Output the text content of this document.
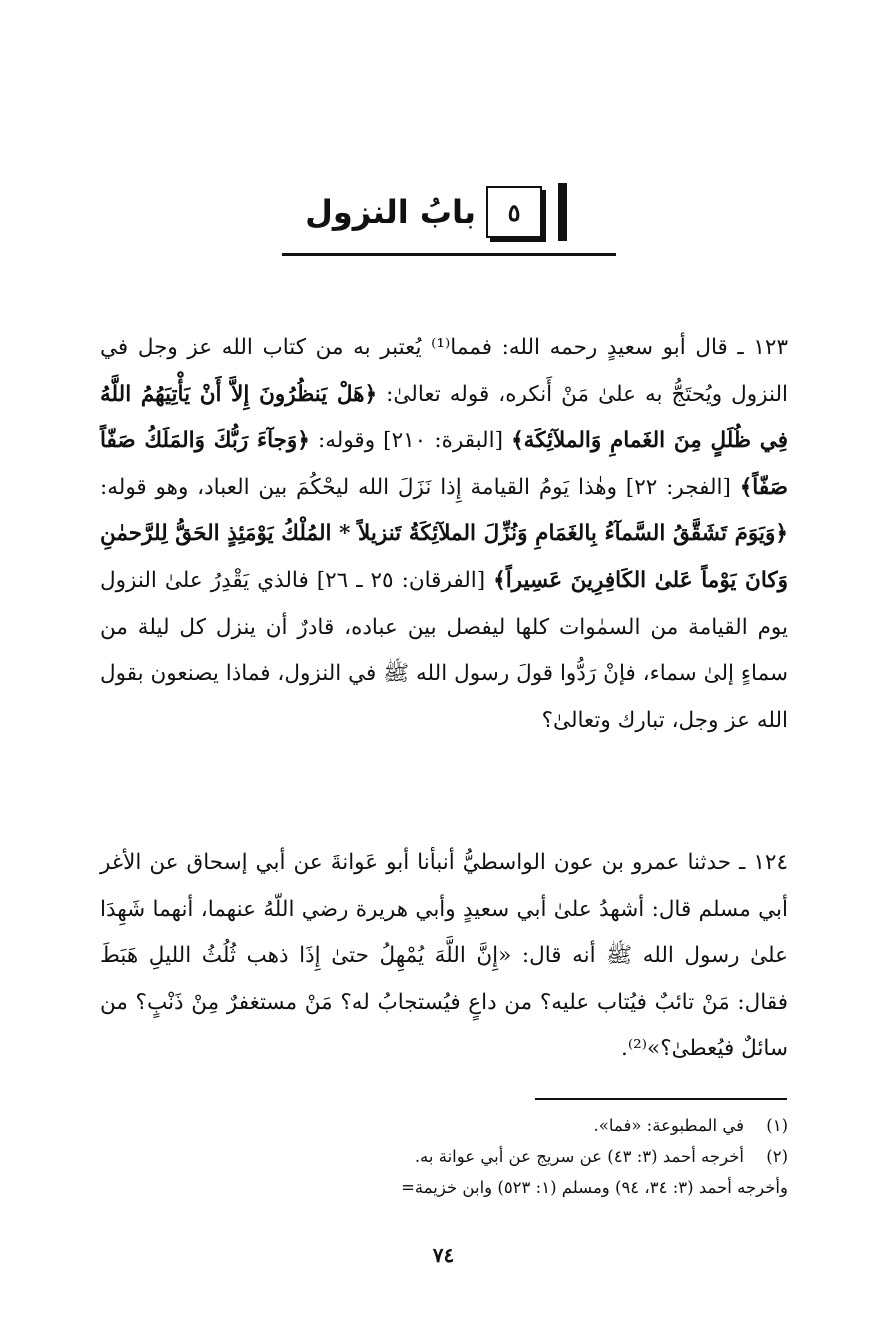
٥
بابُ النزول

١٢٣ ـ قال أبو سعيدٍ رحمه الله: فمما⁽¹⁾ يُعتبر به من كتاب الله عز وجل في النزول ويُحتَجُّ به علىٰ مَنْ أَنكره، قوله تعالىٰ: ﴿هَلْ يَنظُرُونَ إِلاَّ أَنْ يَأْتِيَهُمُ اللَّهُ فِي ظُلَلٍ مِنَ الغَمامِ وَالملآئِكَة﴾ [البقرة: ٢١٠] وقوله: ﴿وَجآءَ رَبُّكَ وَالمَلَكُ صَفّاً صَفّاً﴾ [الفجر: ٢٢] وهٰذا يَومُ القيامة إِذا نَزَلَ الله ليحْكُمَ بين العباد، وهو قوله: ﴿وَيَوَمَ تَشَقَّقُ السَّمآءُ بِالغَمَامِ وَنُزِّلَ الملآئِكَةُ تَنزيلاً * المُلْكُ يَوْمَئِذٍ الحَقُّ لِلرَّحمٰنِ وَكانَ يَوْماً عَلىٰ الكَافِرِينَ عَسِيراً﴾ [الفرقان: ٢٥ ـ ٢٦] فالذي يَقْدِرُ علىٰ النزول يوم القيامة من السمٰوات كلها ليفصل بين عباده، قادرٌ أن ينزل كل ليلة من سماءٍ إلىٰ سماء، فإنْ رَدُّوا قولَ رسول الله ﷺ في النزول، فماذا يصنعون بقول الله عز وجل، تبارك وتعالىٰ؟

١٢٤ ـ حدثنا عمرو بن عون الواسطيُّ أنبأنا أبو عَوانةَ عن أبي إسحاق عن الأغر أبي مسلم قال: أشهدُ علىٰ أبي سعيدٍ وأبي هريرة رضي اللّهُ عنهما، أنهما شَهِدَا علىٰ رسول الله ﷺ أنه قال: «إِنَّ اللَّهَ يُمْهِلُ حتىٰ إِذَا ذهب ثُلُثُ الليلِ هَبَطَ فقال: مَنْ تائبٌ فيُتاب عليه؟ من داعٍ فيُستجابُ له؟ مَنْ مستغفرٌ مِنْ ذَنْبٍ؟ من سائلٌ فيُعطىٰ؟»⁽²⁾.

(١)
في المطبوعة: «فما».
(٢)
أخرجه أحمد (٣: ٤٣) عن سريج عن أبي عوانة به.
وأخرجه أحمد (٣: ٣٤، ٩٤) ومسلم (١: ٥٢٣) وابن خزيمة=
٧٤
